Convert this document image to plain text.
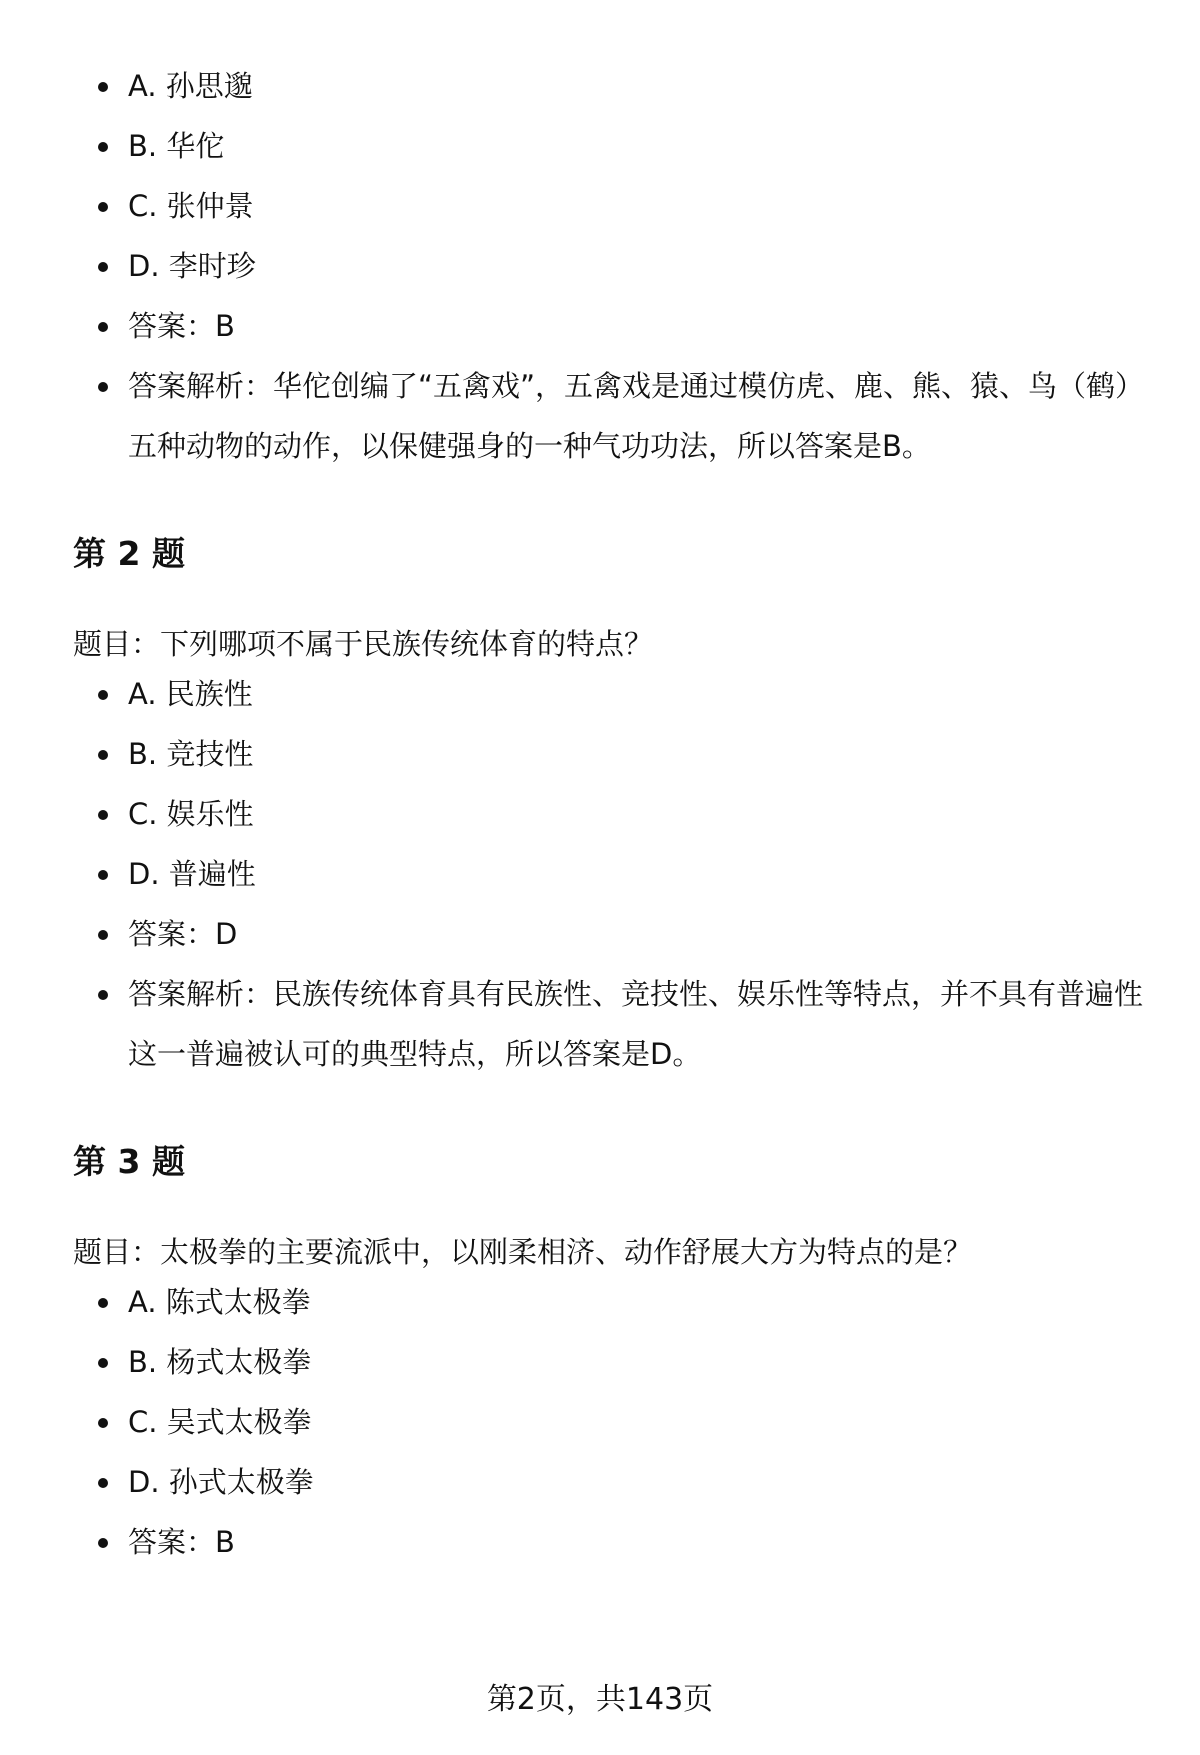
A. 孙思邈
B. 华佗
C. 张仲景
D. 李时珍
答案：B
答案解析：华佗创编了“五禽戏”，五禽戏是通过模仿虎、鹿、熊、猿、鸟（鹤）五种动物的动作，以保健强身的一种气功功法，所以答案是B。
第 2 题

题目：下列哪项不属于民族传统体育的特点？

A. 民族性
B. 竞技性
C. 娱乐性
D. 普遍性
答案：D
答案解析：民族传统体育具有民族性、竞技性、娱乐性等特点，并不具有普遍性这一普遍被认可的典型特点，所以答案是D。
第 3 题

题目：太极拳的主要流派中，以刚柔相济、动作舒展大方为特点的是？

A. 陈式太极拳
B. 杨式太极拳
C. 吴式太极拳
D. 孙式太极拳
答案：B
第2页，共143页
